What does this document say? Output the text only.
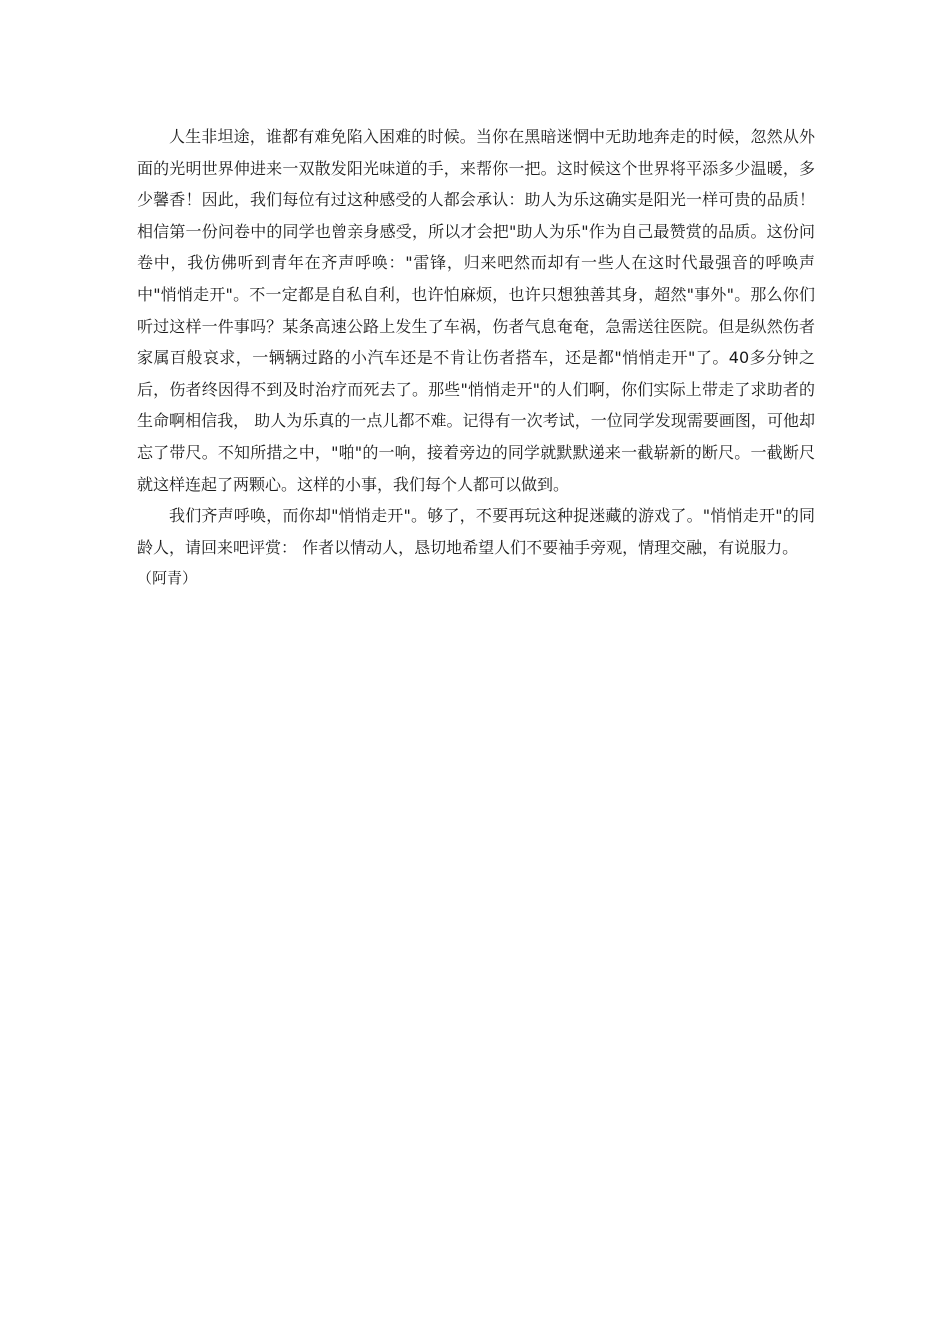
人生非坦途，谁都有难免陷入困难的时候。当你在黑暗迷惘中无助地奔走的时候，忽然从外面的光明世界伸进来一双散发阳光味道的手，来帮你一把。这时候这个世界将平添多少温暖，多少馨香！因此，我们每位有过这种感受的人都会承认：助人为乐这确实是阳光一样可贵的品质！相信第一份问卷中的同学也曾亲身感受，所以才会把"助人为乐"作为自己最赞赏的品质。这份问卷中，我仿佛听到青年在齐声呼唤："雷锋，归来吧然而却有一些人在这时代最强音的呼唤声中"悄悄走开"。不一定都是自私自利，也许怕麻烦，也许只想独善其身，超然"事外"。那么你们听过这样一件事吗？某条高速公路上发生了车祸，伤者气息奄奄，急需送往医院。但是纵然伤者家属百般哀求，一辆辆过路的小汽车还是不肯让伤者搭车，还是都"悄悄走开"了。40多分钟之后，伤者终因得不到及时治疗而死去了。那些"悄悄走开"的人们啊，你们实际上带走了求助者的生命啊相信我， 助人为乐真的一点儿都不难。记得有一次考试，一位同学发现需要画图，可他却忘了带尺。不知所措之中，"啪"的一响，接着旁边的同学就默默递来一截崭新的断尺。一截断尺就这样连起了两颗心。这样的小事，我们每个人都可以做到。

我们齐声呼唤，而你却"悄悄走开"。够了，不要再玩这种捉迷藏的游戏了。"悄悄走开"的同龄人，请回来吧评赏： 作者以情动人，恳切地希望人们不要袖手旁观，情理交融，有说服力。

（阿青）
